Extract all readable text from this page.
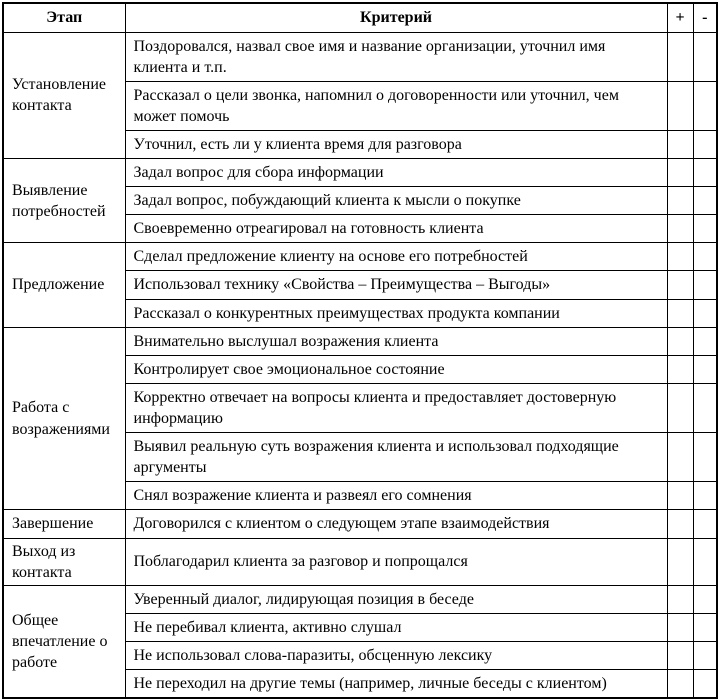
Этап	Критерий	+	-
Установление контакта	Поздоровался, назвал свое имя и название организации, уточнил имя клиента и т.п.		
	Рассказал о цели звонка, напомнил о договоренности или уточнил, чем может помочь		
	Уточнил, есть ли у клиента время для разговора		
Выявление потребностей	Задал вопрос для сбора информации		
	Задал вопрос, побуждающий клиента к мысли о покупке		
	Своевременно отреагировал на готовность клиента		
Предложение	Сделал предложение клиенту на основе его потребностей		
	Использовал технику «Свойства – Преимущества – Выгоды»		
	Рассказал о конкурентных преимуществах продукта компании		
Работа с возражениями	Внимательно выслушал возражения клиента		
	Контролирует свое эмоциональное состояние		
	Корректно отвечает на вопросы клиента и предоставляет достоверную информацию		
	Выявил реальную суть возражения клиента и использовал подходящие аргументы		
	Снял возражение клиента и развеял его сомнения		
Завершение	Договорился с клиентом о следующем этапе взаимодействия		
Выход из контакта	Поблагодарил клиента за разговор и попрощался		
Общее впечатление о работе	Уверенный диалог, лидирующая позиция в беседе		
	Не перебивал клиента, активно слушал		
	Не использовал слова-паразиты, обсценную лексику		
	Не переходил на другие темы (например, личные беседы с клиентом)		
